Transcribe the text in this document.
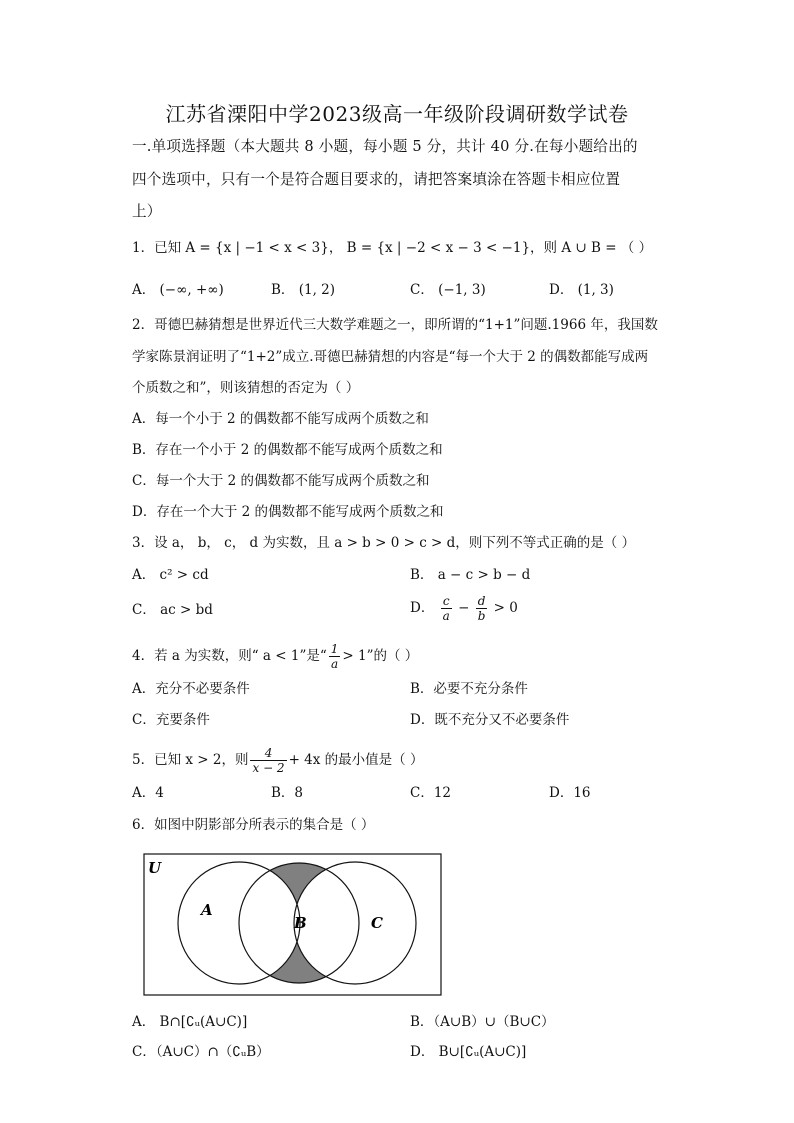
江苏省溧阳中学2023级高一年级阶段调研数学试卷
一.单项选择题（本大题共 8 小题，每小题 5 分，共计 40 分.在每小题给出的
四个选项中，只有一个是符合题目要求的，请把答案填涂在答题卡相应位置
上）
1．已知 A = {x | −1 < x < 3}， B = {x | −2 < x − 3 < −1}，则 A ∪ B = （ ）
A． (−∞, +∞)	B． (1, 2)	C． (−1, 3)	D． (1, 3)
2．哥德巴赫猜想是世界近代三大数学难题之一，即所谓的“1+1”问题.1966 年，我国数
学家陈景润证明了“1+2”成立.哥德巴赫猜想的内容是“每一个大于 2 的偶数都能写成两
个质数之和”，则该猜想的否定为（ ）
A．每一个小于 2 的偶数都不能写成两个质数之和
B．存在一个小于 2 的偶数都不能写成两个质数之和
C．每一个大于 2 的偶数都不能写成两个质数之和
D．存在一个大于 2 的偶数都不能写成两个质数之和
3．设 a， b， c， d 为实数，且 a > b > 0 > c > d，则下列不等式正确的是（ ）
A． c² > cd	B． a − c > b − d
C． ac > bd	D． $\frac{c}{a} - \frac{d}{b} > 0$
4．若 a 为实数，则“ a < 1”是“ $\frac{1}{a} > 1$”的（ ）
A．充分不必要条件	B．必要不充分条件
C．充要条件	D．既不充分又不必要条件
5．已知 x > 2，则 $\frac{4}{x - 2} + 4x$ 的最小值是（ ）
A．4	B．8	C．12	D．16
6．如图中阴影部分所表示的集合是（ ）
U
A
B	C
A． B∩[∁ᵤ(A∪C)]	B．（A∪B）∪（B∪C）
C．（A∪C）∩（∁ᵤB）	D． B∪[∁ᵤ(A∪C)]
